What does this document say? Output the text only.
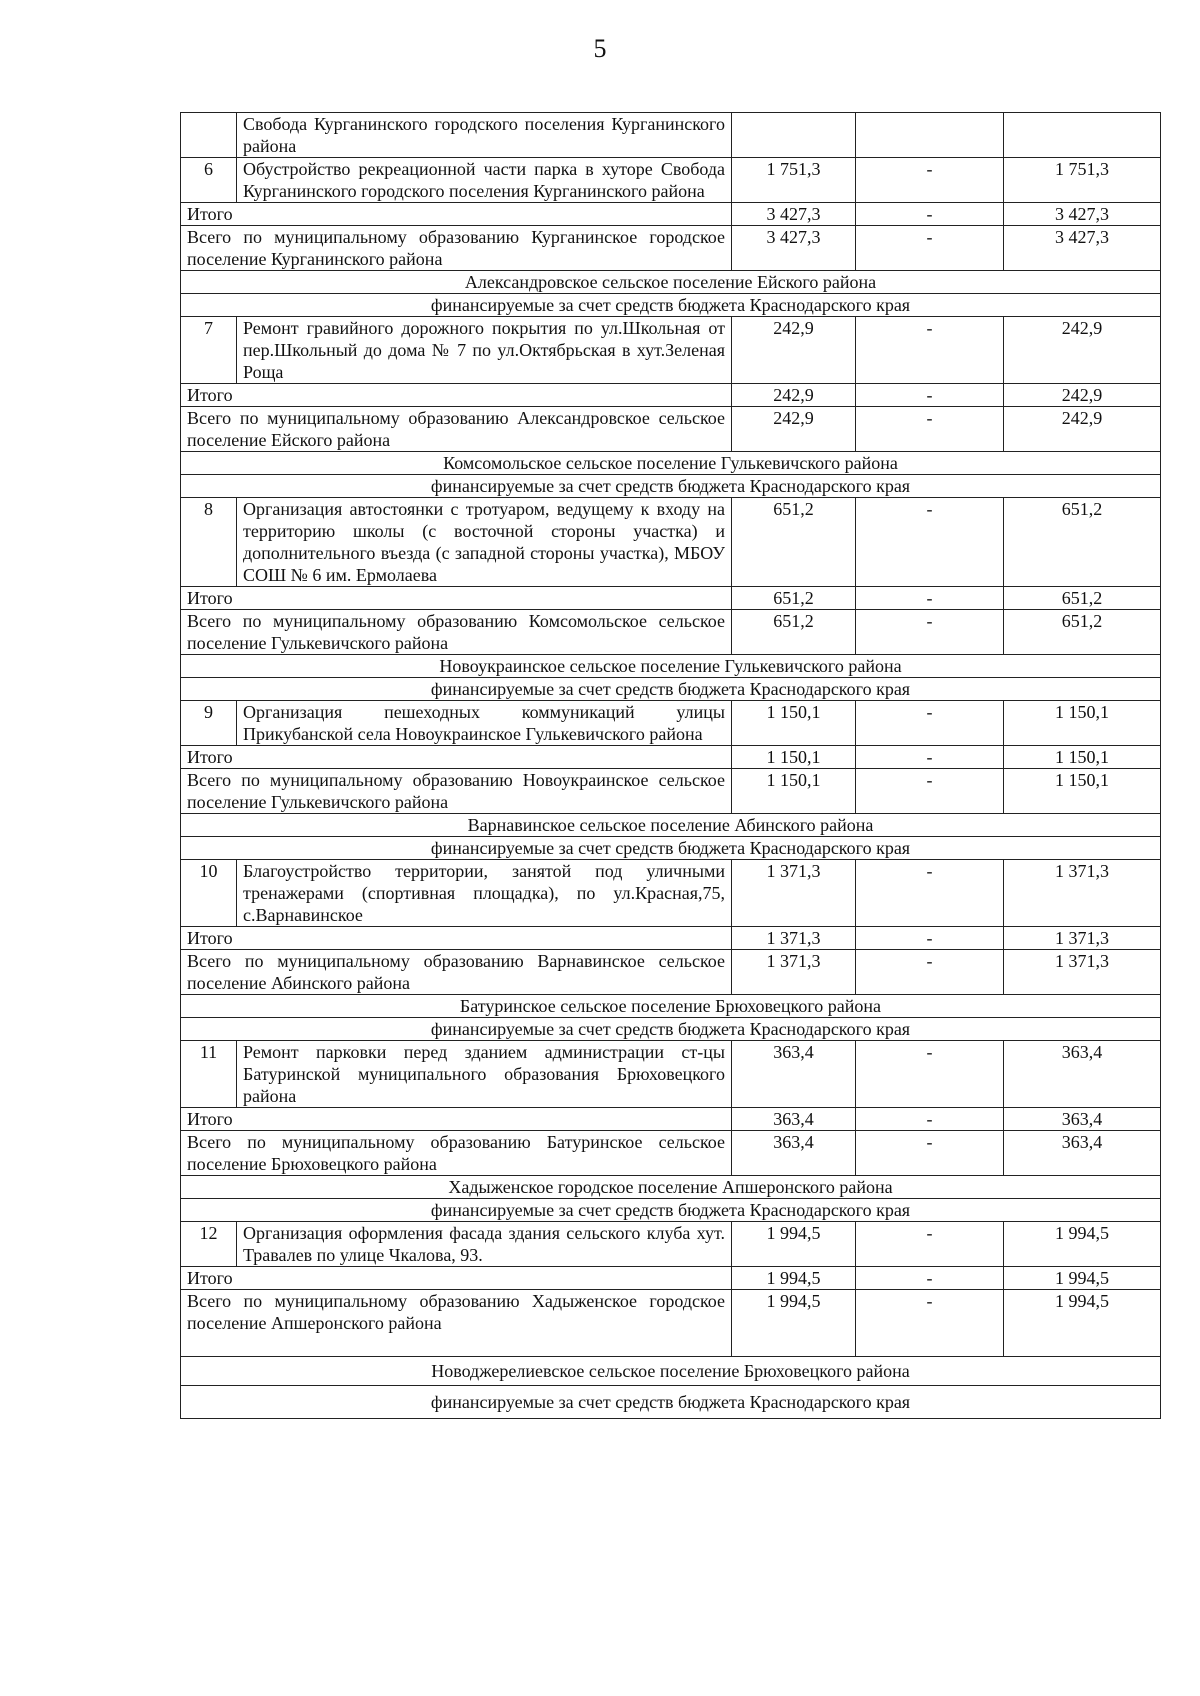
5
	Свобода Курганинского городского поселения Курганинского района			
6	Обустройство рекреационной части парка в хуторе Свобода Курганинского городского поселения Курганинского района	1 751,3	-	1 751,3
Итого		3 427,3	-	3 427,3
Всего по муниципальному образованию Курганинское городское поселение Курганинского района		3 427,3	-	3 427,3
Александровское сельское поселение Ейского района				
финансируемые за счет средств бюджета Краснодарского края				
7	Ремонт гравийного дорожного покрытия по ул.Школьная от пер.Школьный до дома № 7 по ул.Октябрьская в хут.Зеленая Роща	242,9	-	242,9
Итого		242,9	-	242,9
Всего по муниципальному образованию Александровское сельское поселение Ейского района		242,9	-	242,9
Комсомольское сельское поселение Гулькевичского района				
финансируемые за счет средств бюджета Краснодарского края				
8	Организация автостоянки с тротуаром, ведущему к входу на территорию школы (с восточной стороны участка) и дополнительного въезда (с западной стороны участка), МБОУ СОШ № 6 им. Ермолаева	651,2	-	651,2
Итого		651,2	-	651,2
Всего по муниципальному образованию Комсомольское сельское поселение Гулькевичского района		651,2	-	651,2
Новоукраинское сельское поселение Гулькевичского района				
финансируемые за счет средств бюджета Краснодарского края				
9	Организация пешеходных коммуникаций улицы Прикубанской села Новоукраинское Гулькевичского района	1 150,1	-	1 150,1
Итого		1 150,1	-	1 150,1
Всего по муниципальному образованию Новоукраинское сельское поселение Гулькевичского района		1 150,1	-	1 150,1
Варнавинское сельское поселение Абинского района				
финансируемые за счет средств бюджета Краснодарского края				
10	Благоустройство территории, занятой под уличными тренажерами (спортивная площадка), по ул.Красная,75, с.Варнавинское	1 371,3	-	1 371,3
Итого		1 371,3	-	1 371,3
Всего по муниципальному образованию Варнавинское сельское поселение Абинского района		1 371,3	-	1 371,3
Батуринское сельское поселение Брюховецкого района				
финансируемые за счет средств бюджета Краснодарского края				
11	Ремонт парковки перед зданием администрации ст-цы Батуринской муниципального образования Брюховецкого района	363,4	-	363,4
Итого		363,4	-	363,4
Всего по муниципальному образованию Батуринское сельское поселение Брюховецкого района		363,4	-	363,4
Хадыженское городское поселение Апшеронского района				
финансируемые за счет средств бюджета Краснодарского края				
12	Организация оформления фасада здания сельского клуба хут. Травалев по улице Чкалова, 93.	1 994,5	-	1 994,5
Итого		1 994,5	-	1 994,5
Всего по муниципальному образованию Хадыженское городское поселение Апшеронского района		1 994,5	-	1 994,5
Новоджерелиевское сельское поселение Брюховецкого района				
финансируемые за счет средств бюджета Краснодарского края				
